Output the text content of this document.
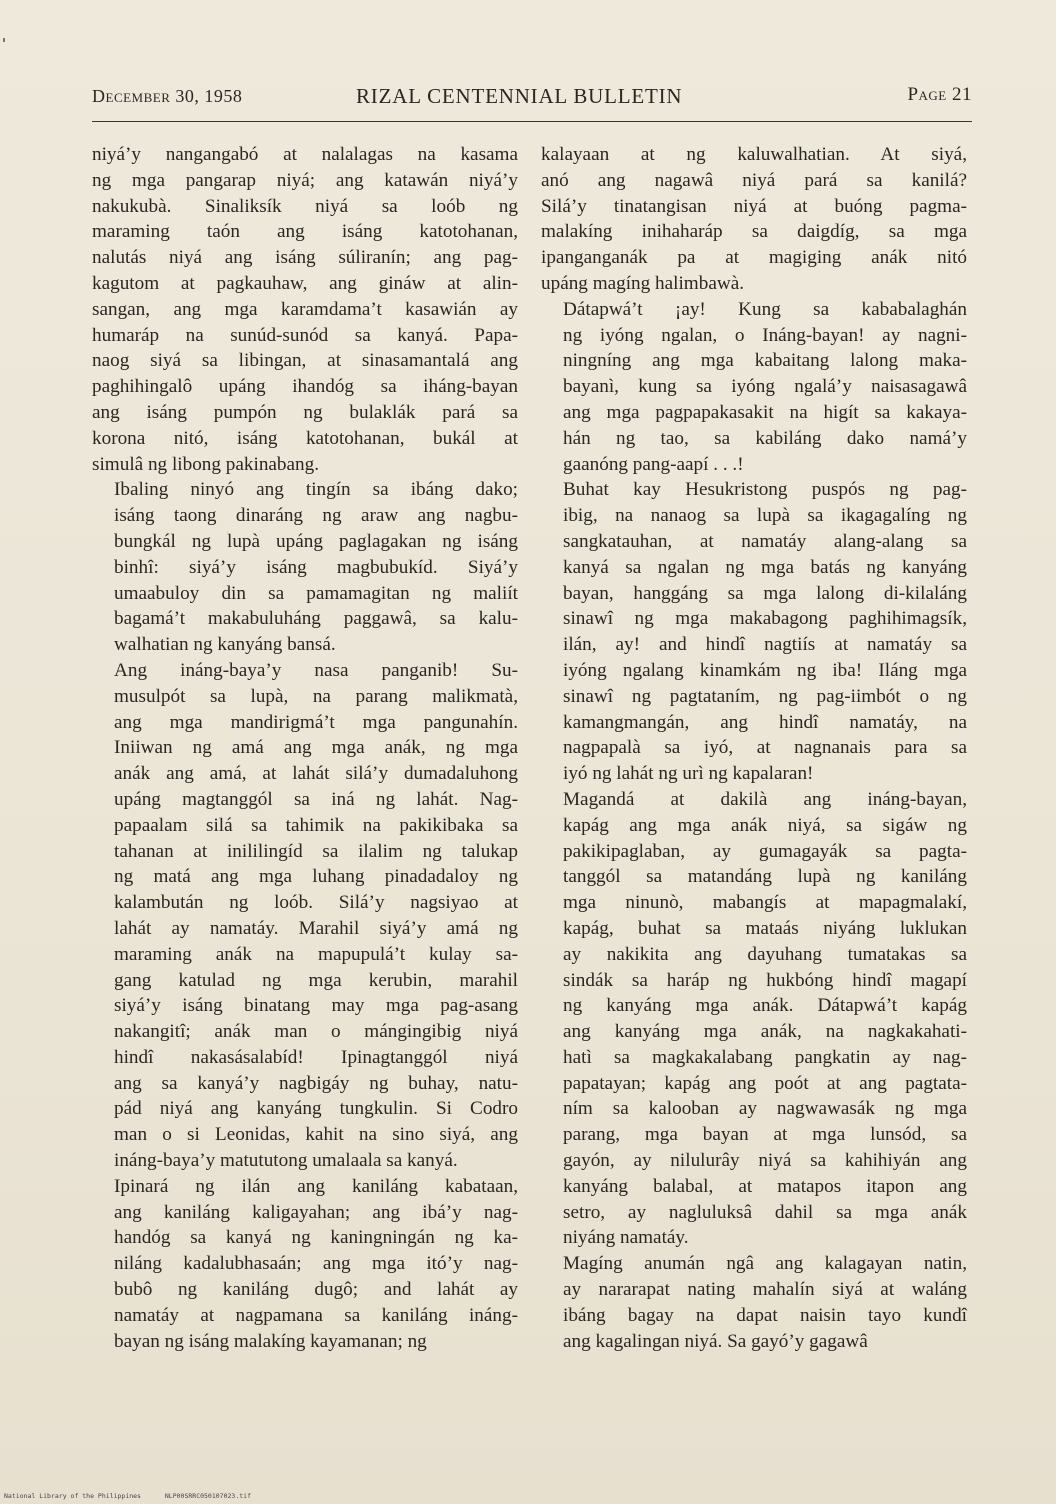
December 30, 1958	RIZAL CENTENNIAL BULLETIN	Page 21

niyá’y nangangabó at nalalagas na kasama
ng mga pangarap niyá; ang katawán niyá’y
nakukubà. Sinaliksík niyá sa loób ng
maraming taón ang isáng katotohanan,
nalutás niyá ang isáng súliranín; ang pag-
kagutom at pagkauhaw, ang gináw at alin-
sangan, ang mga karamdama’t kasawián ay
humaráp na sunúd-sunód sa kanyá. Papa-
naog siyá sa libingan, at sinasamantalá ang
paghihingalô upáng ihandóg sa iháng-bayan
ang isáng pumpón ng bulaklák pará sa
korona nitó, isáng katotohanan, bukál at
simulâ ng libong pakinabang.

Ibaling ninyó ang tingín sa ibáng dako;
isáng taong dinaráng ng araw ang nagbu-
bungkál ng lupà upáng paglagakan ng isáng
binhî: siyá’y isáng magbubukíd. Siyá’y
umaabuloy din sa pamamagitan ng maliít
bagamá’t makabuluháng paggawâ, sa kalu-
walhatian ng kanyáng bansá.

Ang ináng-baya’y nasa panganib! Su-
musulpót sa lupà, na parang malikmatà,
ang mga mandirigmá’t mga pangunahín.
Iniiwan ng amá ang mga anák, ng mga
anák ang amá, at lahát silá’y dumadaluhong
upáng magtanggól sa iná ng lahát. Nag-
papaalam silá sa tahimik na pakikibaka sa
tahanan at inililingíd sa ilalim ng talukap
ng matá ang mga luhang pinadadaloy ng
kalambután ng loób. Silá’y nagsiyao at
lahát ay namatáy. Marahil siyá’y amá ng
maraming anák na mapupulá’t kulay sa-
gang katulad ng mga kerubin, marahil
siyá’y isáng binatang may mga pag-asang
nakangitî; anák man o mángingibig niyá
hindî nakasásalabíd! Ipinagtanggól niyá
ang sa kanyá’y nagbigáy ng buhay, natu-
pád niyá ang kanyáng tungkulin. Si Codro
man o si Leonidas, kahit na sino siyá, ang
ináng-baya’y matututong umalaala sa kanyá.

Ipinará ng ilán ang kaniláng kabataan,
ang kaniláng kaligayahan; ang ibá’y nag-
handóg sa kanyá ng kaningningán ng ka-
niláng kadalubhasaán; ang mga itó’y nag-
bubô ng kaniláng dugô; and lahát ay
namatáy at nagpamana sa kaniláng ináng-
bayan ng isáng malakíng kayamanan; ng

kalayaan at ng kaluwalhatian. At siyá,
anó ang nagawâ niyá pará sa kanilá?
Silá’y tinatangisan niyá at buóng pagma-
malakíng inihaharáp sa daigdíg, sa mga
ipanganganák pa at magiging anák nitó
upáng magíng halimbawà.

Dátapwá’t ¡ay! Kung sa kababalaghán
ng iyóng ngalan, o Ináng-bayan! ay nagni-
ningníng ang mga kabaitang lalong maka-
bayanì, kung sa iyóng ngalá’y naisasagawâ
ang mga pagpapakasakit na higít sa kakaya-
hán ng tao, sa kabiláng dako namá’y
gaanóng pang-aapí . . .!

Buhat kay Hesukristong puspós ng pag-
ibig, na nanaog sa lupà sa ikagagalíng ng
sangkatauhan, at namatáy alang-alang sa
kanyá sa ngalan ng mga batás ng kanyáng
bayan, hanggáng sa mga lalong di-kilaláng
sinawî ng mga makabagong paghihimagsík,
ilán, ay! and hindî nagtiís at namatáy sa
iyóng ngalang kinamkám ng iba! Iláng mga
sinawî ng pagtataním, ng pag-iimbót o ng
kamangmangán, ang hindî namatáy, na
nagpapalà sa iyó, at nagnanais para sa
iyó ng lahát ng urì ng kapalaran!

Magandá at dakilà ang ináng-bayan,
kapág ang mga anák niyá, sa sigáw ng
pakikipaglaban, ay gumagayák sa pagta-
tanggól sa matandáng lupà ng kaniláng
mga ninunò, mabangís at mapagmalakí,
kapág, buhat sa mataás niyáng luklukan
ay nakikita ang dayuhang tumatakas sa
sindák sa haráp ng hukbóng hindî magapí
ng kanyáng mga anák. Dátapwá’t kapág
ang kanyáng mga anák, na nagkakahati-
hatì sa magkakalabang pangkatin ay nag-
papatayan; kapág ang poót at ang pagtata-
ním sa kalooban ay nagwawasák ng mga
parang, mga bayan at mga lunsód, sa
gayón, ay nilulurây niyá sa kahihiyán ang
kanyáng balabal, at matapos itapon ang
setro, ay nagluluksâ dahil sa mga anák
niyáng namatáy.

Magíng anumán ngâ ang kalagayan natin,
ay nararapat nating mahalín siyá at waláng
ibáng bagay na dapat naisin tayo kundî
ang kagalingan niyá. Sa gayó’y gagawâ

National Library of the Philippines	NLP00SRRC050107023.tif
